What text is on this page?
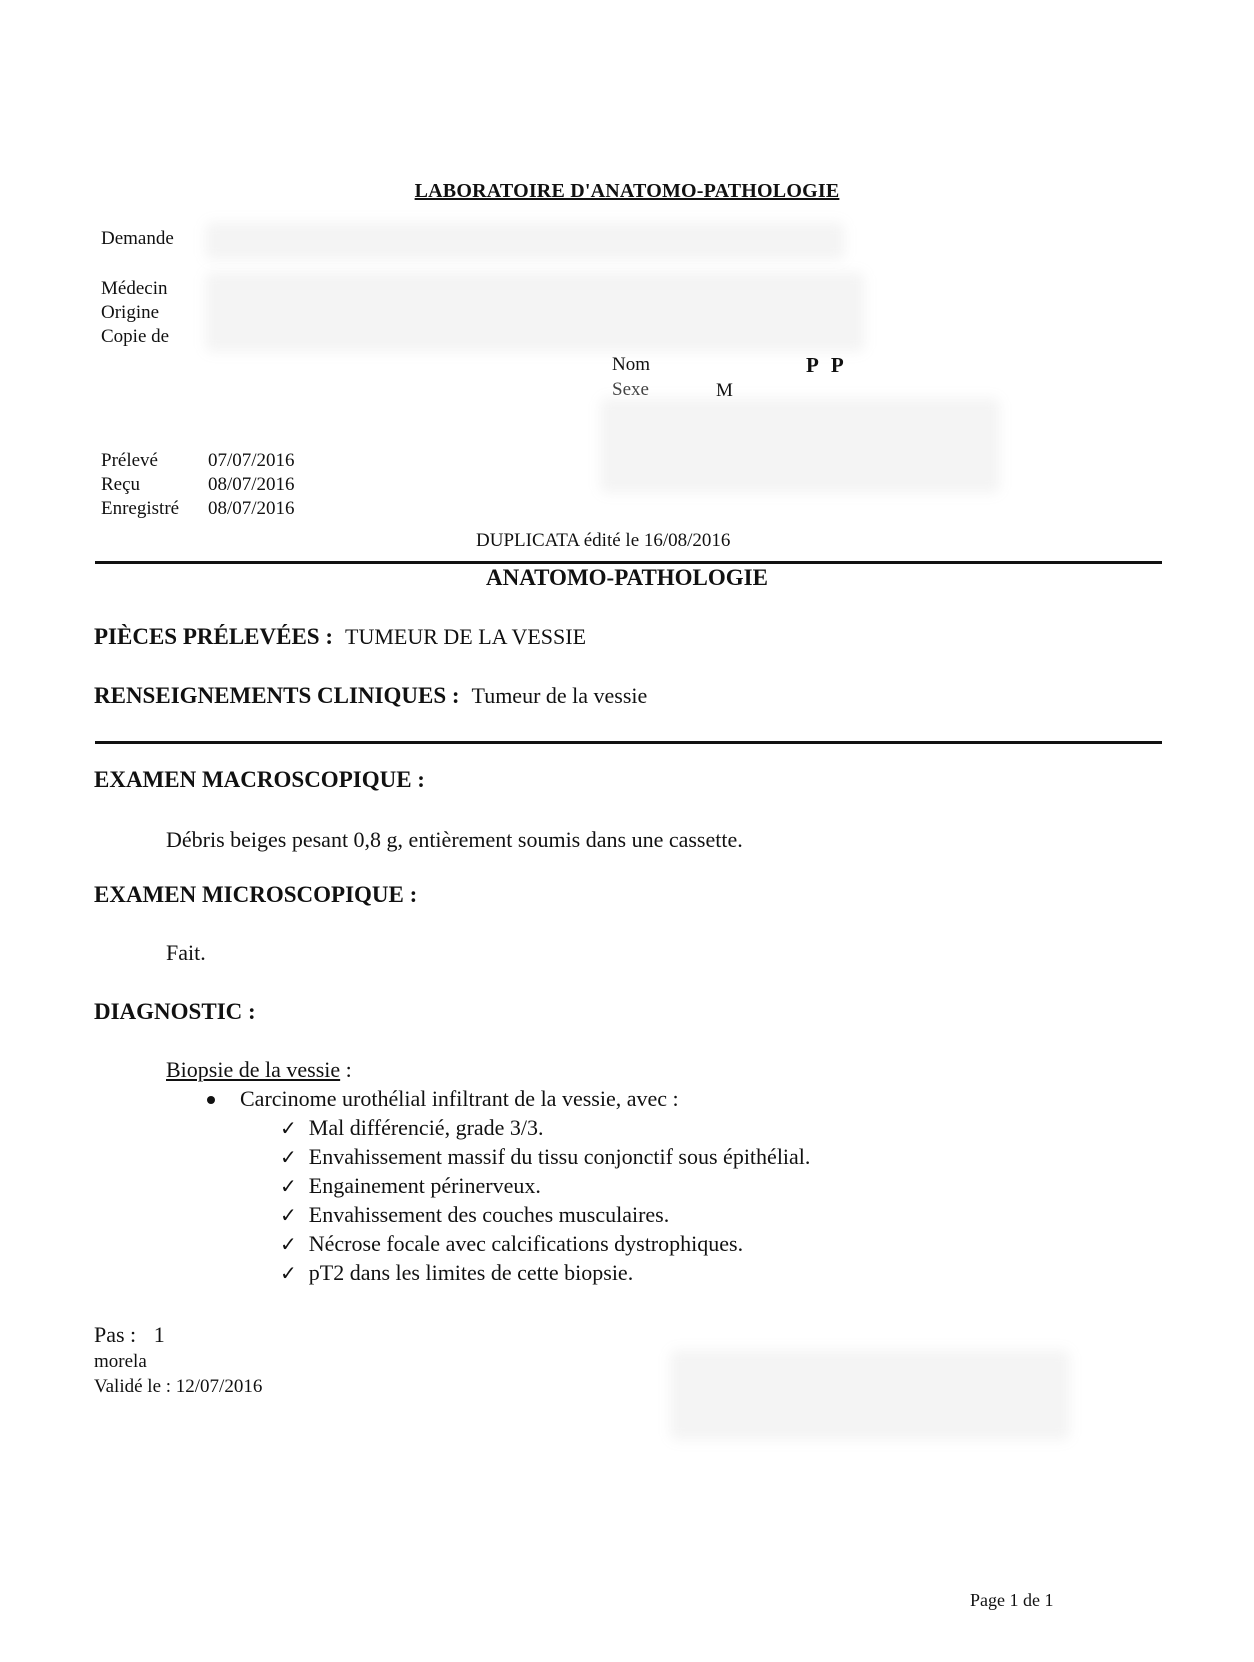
LABORATOIRE D'ANATOMO-PATHOLOGIE
Demande
Médecin
Origine
Copie de
Nom	P P
Sexe	M
Prélevé	07/07/2016
Reçu	08/07/2016
Enregistré 08/07/2016
DUPLICATA édité le 16/08/2016
ANATOMO-PATHOLOGIE
PIÈCES PRÉLEVÉES : TUMEUR DE LA VESSIE
RENSEIGNEMENTS CLINIQUES : Tumeur de la vessie
EXAMEN MACROSCOPIQUE :
Débris beiges pesant 0,8 g, entièrement soumis dans une cassette.
EXAMEN MICROSCOPIQUE :
Fait.
DIAGNOSTIC :
Biopsie de la vessie :
Carcinome urothélial infiltrant de la vessie, avec :
✓ Mal différencié, grade 3/3.
✓ Envahissement massif du tissu conjonctif sous épithélial.
✓ Engainement périnerveux.
✓ Envahissement des couches musculaires.
✓ Nécrose focale avec calcifications dystrophiques.
✓ pT2 dans les limites de cette biopsie.
Pas : 1
morela
Validé le : 12/07/2016
Page 1 de 1
